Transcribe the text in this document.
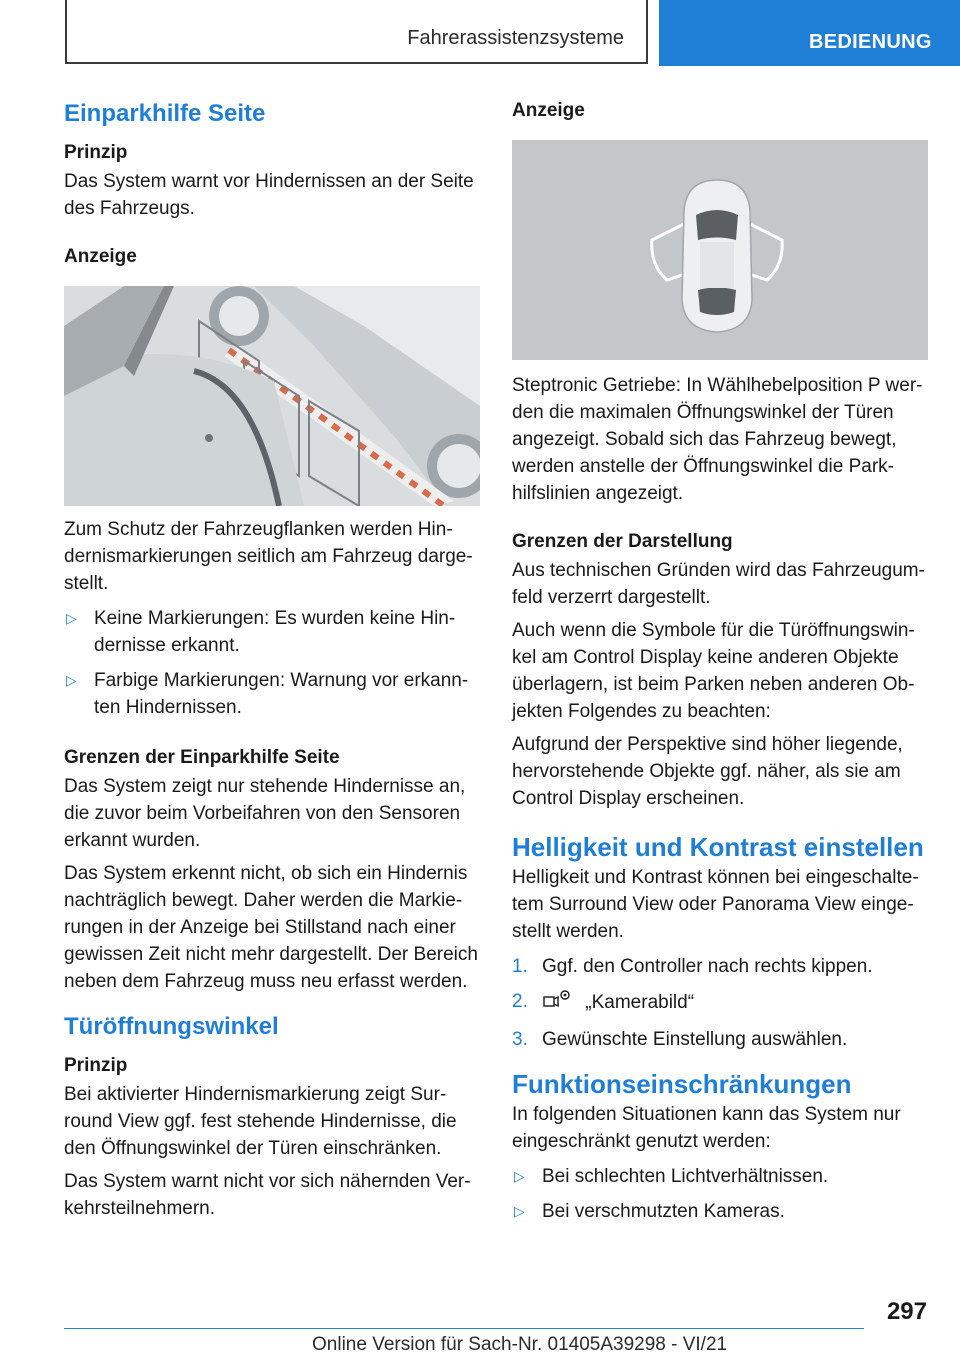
Fahrerassistenzsysteme	BEDIENUNG
Einparkhilfe Seite
Prinzip

Das System warnt vor Hindernissen an der Seite des Fahrzeugs.

Anzeige

Zum Schutz der Fahrzeugflanken werden Hindernismarkierungen seitlich am Fahrzeug dargestellt.

▷ Keine Markierungen: Es wurden keine Hindernisse erkannt.
▷ Farbige Markierungen: Warnung vor erkannten Hindernissen.
Grenzen der Einparkhilfe Seite

Das System zeigt nur stehende Hindernisse an, die zuvor beim Vorbeifahren von den Sensoren erkannt wurden.

Das System erkennt nicht, ob sich ein Hindernis nachträglich bewegt. Daher werden die Markierungen in der Anzeige bei Stillstand nach einer gewissen Zeit nicht mehr dargestellt. Der Bereich neben dem Fahrzeug muss neu erfasst werden.

Türöffnungswinkel
Prinzip

Bei aktivierter Hindernismarkierung zeigt Surround View ggf. fest stehende Hindernisse, die den Öffnungswinkel der Türen einschränken.

Das System warnt nicht vor sich nähernden Verkehrsteilnehmern.

Anzeige

Steptronic Getriebe: In Wählhebelposition P werden die maximalen Öffnungswinkel der Türen angezeigt. Sobald sich das Fahrzeug bewegt, werden anstelle der Öffnungswinkel die Parkhilfslinien angezeigt.

Grenzen der Darstellung

Aus technischen Gründen wird das Fahrzeugumfeld verzerrt dargestellt.

Auch wenn die Symbole für die Türöffnungswinkel am Control Display keine anderen Objekte überlagern, ist beim Parken neben anderen Objekten Folgendes zu beachten:

Aufgrund der Perspektive sind höher liegende, hervorstehende Objekte ggf. näher, als sie am Control Display erscheinen.

Helligkeit und Kontrast einstellen

Helligkeit und Kontrast können bei eingeschaltetem Surround View oder Panorama View eingestellt werden.

1. Ggf. den Controller nach rechts kippen.
2.	„Kamerabild“
3. Gewünschte Einstellung auswählen.
Funktionseinschränkungen

In folgenden Situationen kann das System nur eingeschränkt genutzt werden:

▷ Bei schlechten Lichtverhältnissen.
▷ Bei verschmutzten Kameras.
297
Online Version für Sach-Nr. 01405A39298 - VI/21
